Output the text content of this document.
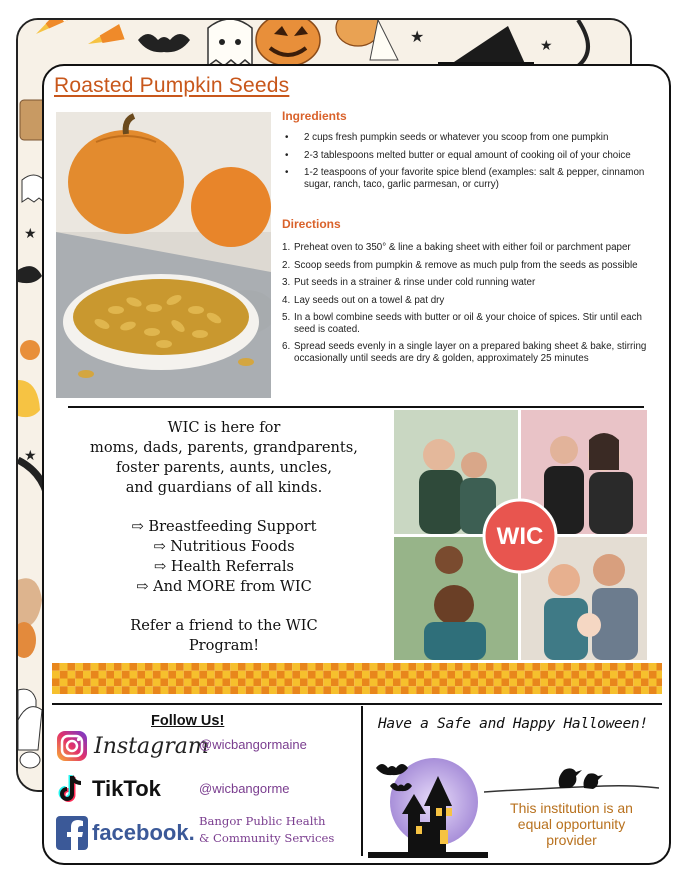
★	★
★
★
Roasted Pumpkin Seeds
Ingredients
• 2 cups fresh pumpkin seeds or whatever you scoop from one pumpkin
• 2-3 tablespoons melted butter or equal amount of cooking oil of your choice
• 1-2 teaspoons of your favorite spice blend (examples: salt & pepper, cinnamon sugar, ranch, taco, garlic parmesan, or curry)
Directions
1. Preheat oven to 350° & line a baking sheet with either foil or parchment paper
2. Scoop seeds from pumpkin & remove as much pulp from the seeds as possible
3. Put seeds in a strainer & rinse under cold running water
4. Lay seeds out on a towel & pat dry
5. In a bowl combine seeds with butter or oil & your choice of spices. Stir until each seed is coated.
6. Spread seeds evenly in a single layer on a prepared baking sheet & bake, stirring occasionally until seeds are dry & golden, approximately 25 minutes

WIC is here for

moms, dads, parents, grandparents,

foster parents, aunts, uncles,

and guardians of all kinds.

⇨ Breastfeeding Support

⇨ Nutritious Foods

⇨ Health Referrals

⇨ And MORE from WIC

Refer a friend to the WIC

Program!

WIC
Follow Us!
Instagram
@wicbangormaine
TikTok	@wicbangorme
facebook. Bangor Public Health
& Community Services
Have a Safe and Happy Halloween!
This institution is an
equal opportunity
provider
